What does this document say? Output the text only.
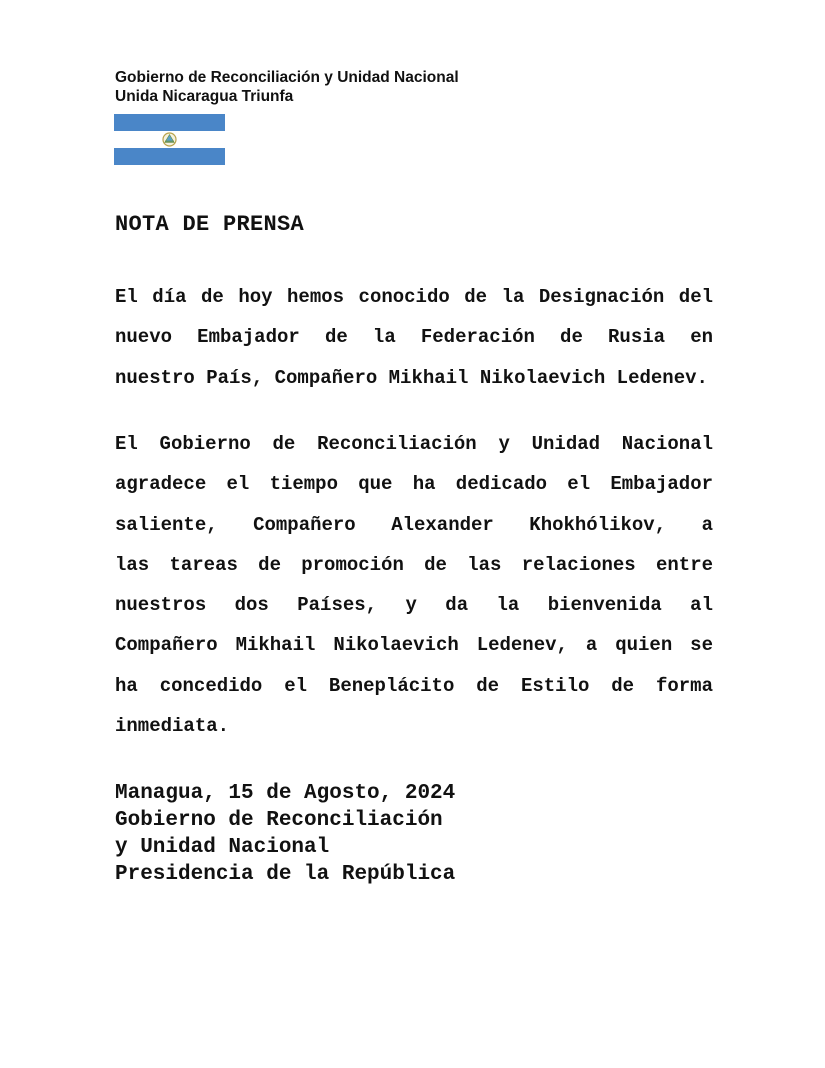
Gobierno de Reconciliación y Unidad Nacional
Unida Nicaragua Triunfa
NOTA DE PRENSA
El día de hoy hemos conocido de la Designación del
nuevo Embajador de la Federación de Rusia en
nuestro País, Compañero Mikhail Nikolaevich Ledenev.
El Gobierno de Reconciliación y Unidad Nacional
agradece el tiempo que ha dedicado el Embajador
saliente, Compañero Alexander Khokhólikov, a
las tareas de promoción de las relaciones entre
nuestros dos Países, y da la bienvenida al
Compañero Mikhail Nikolaevich Ledenev, a quien se
ha concedido el Beneplácito de Estilo de forma
inmediata.
Managua, 15 de Agosto, 2024
Gobierno de Reconciliación
y Unidad Nacional
Presidencia de la República
